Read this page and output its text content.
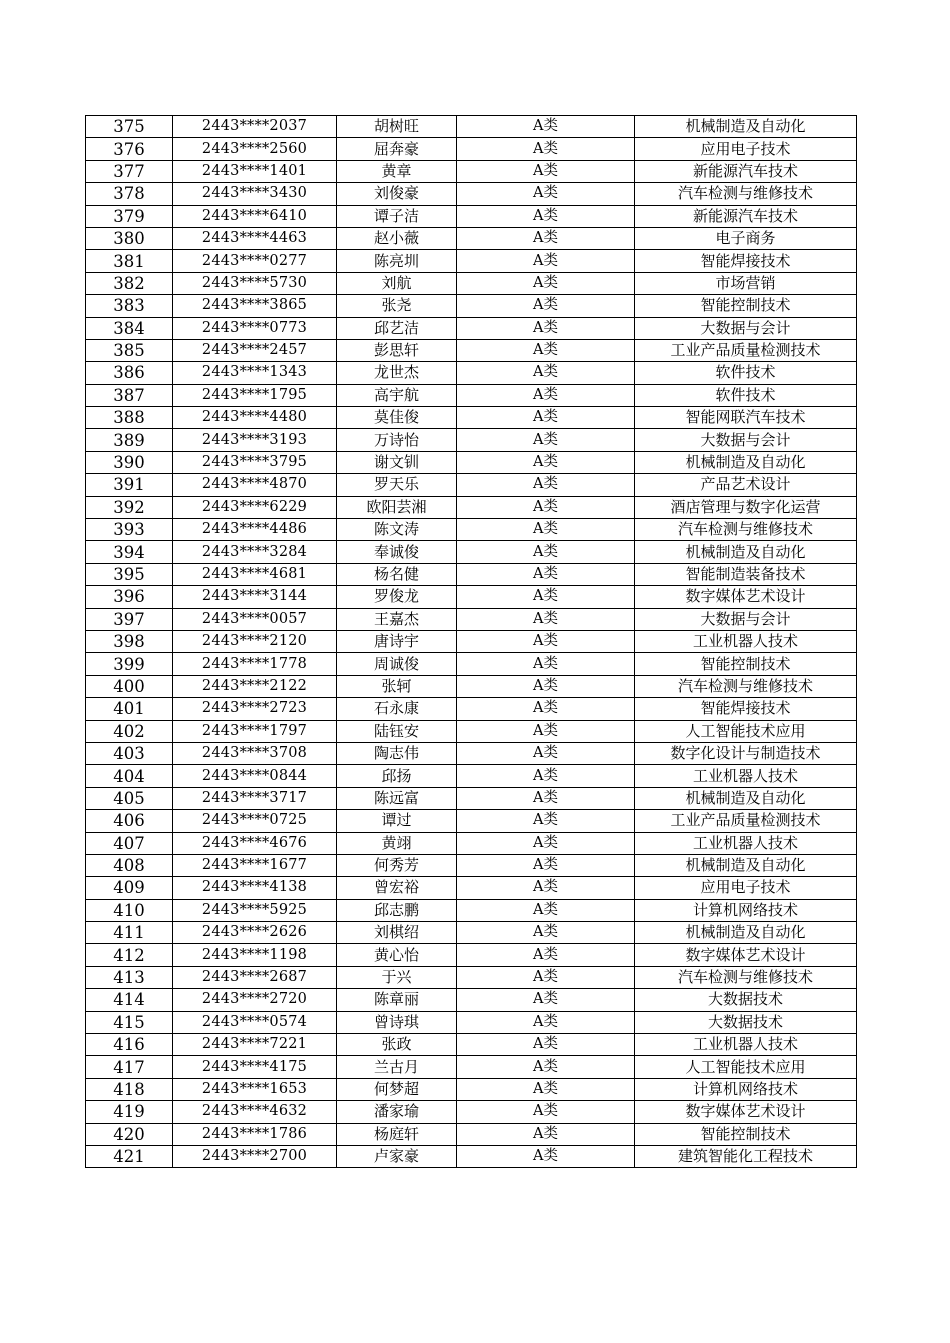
375	2443****2037	胡树旺	A类	机械制造及自动化
376	2443****2560	屈奔豪	A类	应用电子技术
377	2443****1401	黄章	A类	新能源汽车技术
378	2443****3430	刘俊豪	A类	汽车检测与维修技术
379	2443****6410	谭子洁	A类	新能源汽车技术
380	2443****4463	赵小薇	A类	电子商务
381	2443****0277	陈亮圳	A类	智能焊接技术
382	2443****5730	刘航	A类	市场营销
383	2443****3865	张尧	A类	智能控制技术
384	2443****0773	邱艺洁	A类	大数据与会计
385	2443****2457	彭思轩	A类	工业产品质量检测技术
386	2443****1343	龙世杰	A类	软件技术
387	2443****1795	高宇航	A类	软件技术
388	2443****4480	莫佳俊	A类	智能网联汽车技术
389	2443****3193	万诗怡	A类	大数据与会计
390	2443****3795	谢文钏	A类	机械制造及自动化
391	2443****4870	罗天乐	A类	产品艺术设计
392	2443****6229	欧阳芸湘	A类	酒店管理与数字化运营
393	2443****4486	陈文涛	A类	汽车检测与维修技术
394	2443****3284	奉诚俊	A类	机械制造及自动化
395	2443****4681	杨名健	A类	智能制造装备技术
396	2443****3144	罗俊龙	A类	数字媒体艺术设计
397	2443****0057	王嘉杰	A类	大数据与会计
398	2443****2120	唐诗宇	A类	工业机器人技术
399	2443****1778	周诚俊	A类	智能控制技术
400	2443****2122	张轲	A类	汽车检测与维修技术
401	2443****2723	石永康	A类	智能焊接技术
402	2443****1797	陆钰安	A类	人工智能技术应用
403	2443****3708	陶志伟	A类	数字化设计与制造技术
404	2443****0844	邱扬	A类	工业机器人技术
405	2443****3717	陈远富	A类	机械制造及自动化
406	2443****0725	谭过	A类	工业产品质量检测技术
407	2443****4676	黄翊	A类	工业机器人技术
408	2443****1677	何秀芳	A类	机械制造及自动化
409	2443****4138	曾宏裕	A类	应用电子技术
410	2443****5925	邱志鹏	A类	计算机网络技术
411	2443****2626	刘棋绍	A类	机械制造及自动化
412	2443****1198	黄心怡	A类	数字媒体艺术设计
413	2443****2687	于兴	A类	汽车检测与维修技术
414	2443****2720	陈章丽	A类	大数据技术
415	2443****0574	曾诗琪	A类	大数据技术
416	2443****7221	张政	A类	工业机器人技术
417	2443****4175	兰古月	A类	人工智能技术应用
418	2443****1653	何梦超	A类	计算机网络技术
419	2443****4632	潘家瑜	A类	数字媒体艺术设计
420	2443****1786	杨庭轩	A类	智能控制技术
421	2443****2700	卢家豪	A类	建筑智能化工程技术
